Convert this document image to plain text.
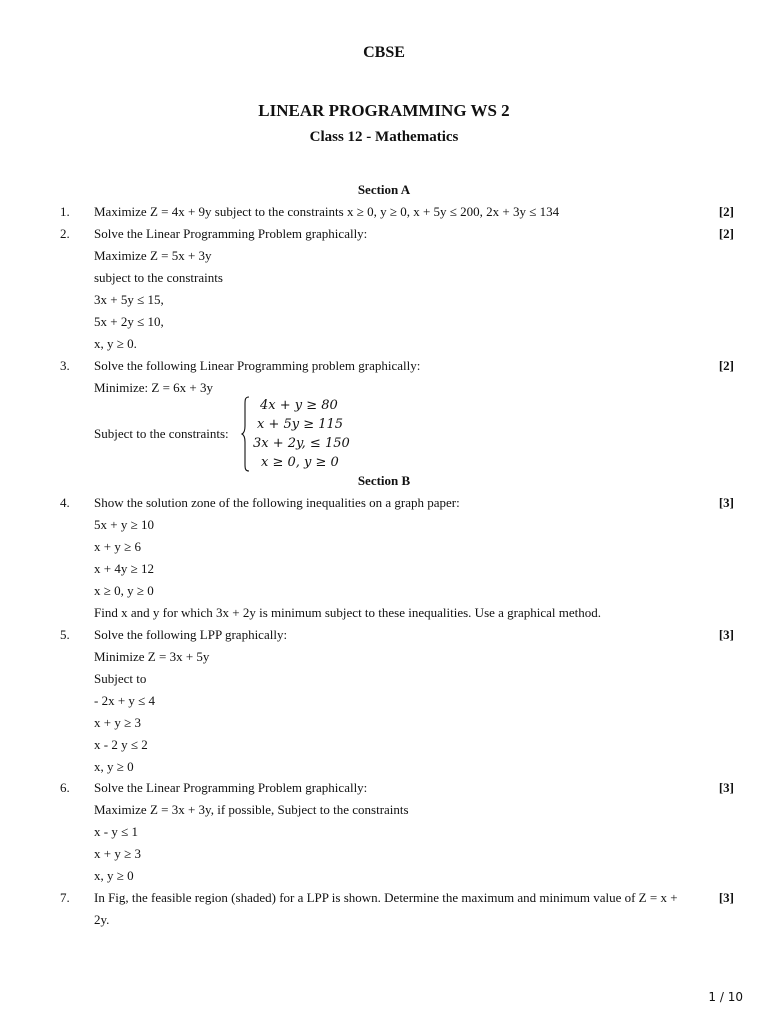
CBSE
LINEAR PROGRAMMING WS 2
Class 12 - Mathematics
Section A
1. Maximize Z = 4x + 9y subject to the constraints x ≥ 0, y ≥ 0, x + 5y ≤ 200, 2x + 3y ≤ 134	[2]
2. Solve the Linear Programming Problem graphically:	[2]
Maximize Z = 5x + 3y
subject to the constraints
3x + 5y ≤ 15,
5x + 2y ≤ 10,
x, y ≥ 0.
3. Solve the following Linear Programming problem graphically:	[2]
Minimize: Z = 6x + 3y
Subject to the constraints:
4x + y ≥ 80
x + 5y ≥ 115
3x + 2y, ≤ 150
x ≥ 0, y ≥ 0
Section B
4. Show the solution zone of the following inequalities on a graph paper:	[3]
5x + y ≥ 10
x + y ≥ 6
x + 4y ≥ 12
x ≥ 0, y ≥ 0
Find x and y for which 3x + 2y is minimum subject to these inequalities. Use a graphical method.
5. Solve the following LPP graphically:	[3]
Minimize Z = 3x + 5y
Subject to
- 2x + y ≤ 4
x + y ≥ 3
x - 2 y ≤ 2
x, y ≥ 0
6. Solve the Linear Programming Problem graphically:	[3]
Maximize Z = 3x + 3y, if possible, Subject to the constraints
x - y ≤ 1
x + y ≥ 3
x, y ≥ 0
7. In Fig, the feasible region (shaded) for a LPP is shown. Determine the maximum and minimum value of Z = x +	[3]
2y.
1 / 10
